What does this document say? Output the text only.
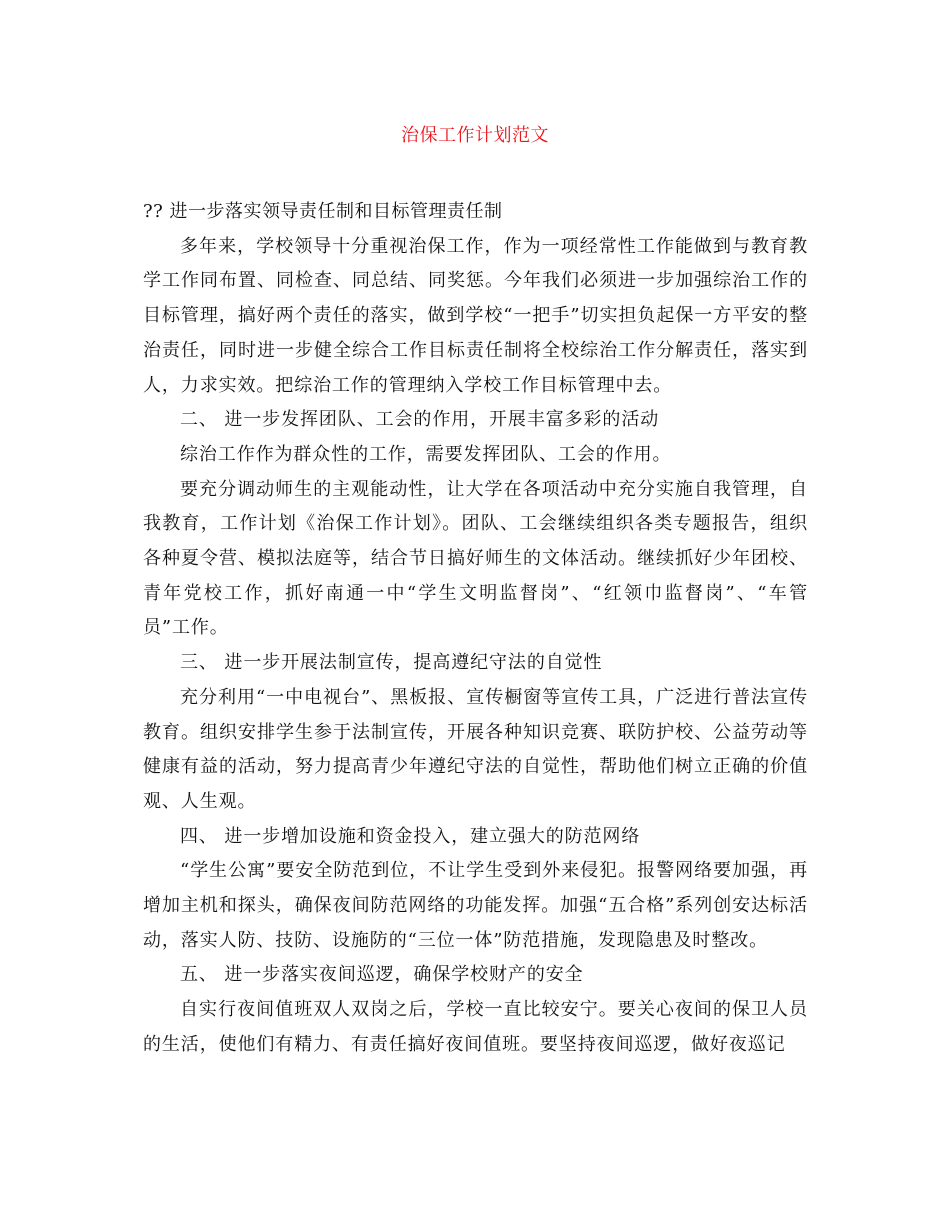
治保工作计划范文

?? 进一步落实领导责任制和目标管理责任制

多年来，学校领导十分重视治保工作，作为一项经常性工作能做到与教育教学工作同布置、同检查、同总结、同奖惩。今年我们必须进一步加强综治工作的目标管理，搞好两个责任的落实，做到学校“一把手”切实担负起保一方平安的整治责任，同时进一步健全综合工作目标责任制将全校综治工作分解责任，落实到人，力求实效。把综治工作的管理纳入学校工作目标管理中去。

二、 进一步发挥团队、工会的作用，开展丰富多彩的活动

综治工作作为群众性的工作，需要发挥团队、工会的作用。

要充分调动师生的主观能动性，让大学在各项活动中充分实施自我管理，自我教育，工作计划《治保工作计划》。团队、工会继续组织各类专题报告，组织各种夏令营、模拟法庭等，结合节日搞好师生的文体活动。继续抓好少年团校、青年党校工作，抓好南通一中“学生文明监督岗”、“红领巾监督岗”、“车管员”工作。

三、 进一步开展法制宣传，提高遵纪守法的自觉性

充分利用“一中电视台”、黑板报、宣传橱窗等宣传工具，广泛进行普法宣传教育。组织安排学生参于法制宣传，开展各种知识竞赛、联防护校、公益劳动等健康有益的活动，努力提高青少年遵纪守法的自觉性，帮助他们树立正确的价值观、人生观。

四、 进一步增加设施和资金投入，建立强大的防范网络

“学生公寓”要安全防范到位，不让学生受到外来侵犯。报警网络要加强，再增加主机和探头，确保夜间防范网络的功能发挥。加强“五合格”系列创安达标活动，落实人防、技防、设施防的“三位一体”防范措施，发现隐患及时整改。

五、 进一步落实夜间巡逻，确保学校财产的安全

自实行夜间值班双人双岗之后，学校一直比较安宁。要关心夜间的保卫人员的生活，使他们有精力、有责任搞好夜间值班。要坚持夜间巡逻，做好夜巡记
